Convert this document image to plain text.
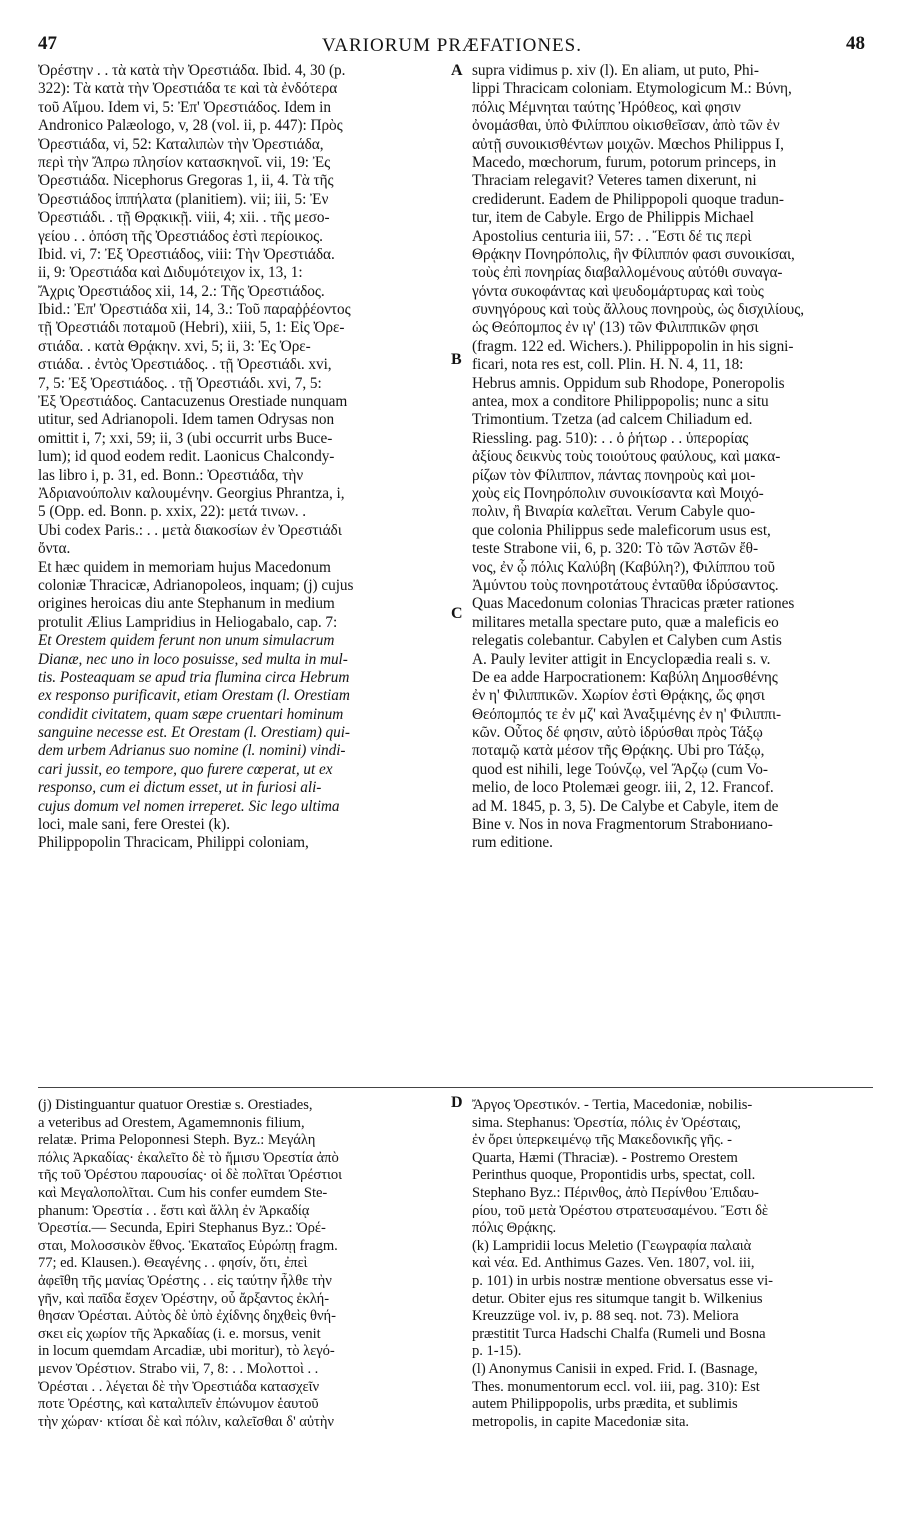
47	VARIORUM PRÆFATIONES.	48
A
B
C
D
Ὀρέστην . . τὰ κατὰ τὴν Ὀρεστιάδα. Ibid. 4, 30 (p.
322): Τὰ κατὰ τὴν Ὀρεστιάδα τε καὶ τὰ ἐνδότερα
τοῦ Αἵμου. Idem vi, 5: Ἐπ' Ὀρεστιάδος. Idem in
Andronico Palæologo, v, 28 (vol. ii, p. 447): Πρὸς
Ὀρεστιάδα, vi, 52: Καταλιπὼν τὴν Ὀρεστιάδα,
περὶ τὴν Ἄπρω πλησίον κατασκηνοῖ. vii, 19: Ἐς
Ὀρεστιάδα. Nicephorus Gregoras 1, ii, 4. Τὰ τῆς
Ὀρεστιάδος ἱππήλατα (planitiem). vii; iii, 5: Ἐν
Ὀρεστιάδι. . τῇ Θρᾳκικῇ. viii, 4; xii. . τῆς μεσο-
γείου . . ὁπόση τῆς Ὀρεστιάδος ἐστὶ περίοικος.
Ibid. vi, 7: Ἐξ Ὀρεστιάδος, viii: Τὴν Ὀρεστιάδα.
ii, 9: Ὀρεστιάδα καὶ Διδυμότειχον ix, 13, 1:
Ἄχρις Ὀρεστιάδος xii, 14, 2.: Τῆς Ὀρεστιάδος.
Ibid.: Ἐπ' Ὀρεστιάδα xii, 14, 3.: Τοῦ παραῤῥέοντος
τῇ Ὀρεστιάδι ποταμοῦ (Hebri), xiii, 5, 1: Εἰς Ὀρε-
στιάδα. . κατὰ Θρᾴκην. xvi, 5; ii, 3: Ἐς Ὀρε-
στιάδα. . ἐντὸς Ὀρεστιάδος. . τῇ Ὀρεστιάδι. xvi,
7, 5: Ἐξ Ὀρεστιάδος. . τῇ Ὀρεστιάδι. xvi, 7, 5:
Ἐξ Ὀρεστιάδος. Cantacuzenus Orestiade nunquam
utitur, sed Adrianopoli. Idem tamen Odrysas non
omittit i, 7; xxi, 59; ii, 3 (ubi occurrit urbs Buce-
lum); id quod eodem redit. Laonicus Chalcondy-
las libro i, p. 31, ed. Bonn.: Ὀρεστιάδα, τὴν
Ἀδριανούπολιν καλουμένην. Georgius Phrantza, i,
5 (Opp. ed. Bonn. p. xxix, 22): μετά τινων. .
Ubi codex Paris.: . . μετὰ διακοσίων ἐν Ὀρεστιάδι
ὄντα.
Et hæc quidem in memoriam hujus Macedonum
coloniæ Thracicæ, Adrianopoleos, inquam; (j) cujus
origines heroicas diu ante Stephanum in medium
protulit Ælius Lampridius in Heliogabalo, cap. 7:
Et Orestem quidem ferunt non unum simulacrum
Dianæ, nec uno in loco posuisse, sed multa in mul-
tis. Posteaquam se apud tria flumina circa Hebrum
ex responso purificavit, etiam Orestam (l. Orestiam
condidit civitatem, quam sæpe cruentari hominum
sanguine necesse est. Et Orestam (l. Orestiam) qui-
dem urbem Adrianus suo nomine (l. nomini) vindi-
cari jussit, eo tempore, quo furere cœperat, ut ex
responso, cum ei dictum esset, ut in furiosi ali-
cujus domum vel nomen irreperet. Sic lego ultima
loci, male sani, fere Orestei (k).
Philippopolin Thracicam, Philippi coloniam,
supra vidimus p. xiv (l). En aliam, ut puto, Phi-
lippi Thracicam coloniam. Etymologicum M.: Βύνη,
πόλις Μέμνηται ταύτης Ἠρόθεος, καὶ φησιν
ὀνομάσθαι, ὑπὸ Φιλίππου οἰκισθεῖσαν, ἀπὸ τῶν ἐν
αὐτῇ συνοικισθέντων μοιχῶν. Mœchos Philippus I,
Macedo, mœchorum, furum, potorum princeps, in
Thraciam relegavit? Veteres tamen dixerunt, ni
crediderunt. Eadem de Philippopoli quoque tradun-
tur, item de Cabyle. Ergo de Philippis Michael
Apostolius centuria iii, 57: . . Ἔστι δέ τις περὶ
Θρᾴκην Πονηρόπολις, ἣν Φίλιππόν φασι συνοικίσαι,
τοὺς ἐπὶ πονηρίας διαβαλλομένους αὐτόθι συναγα-
γόντα συκοφάντας καὶ ψευδομάρτυρας καὶ τοὺς
συνηγόρους καὶ τοὺς ἄλλους πονηροὺς, ὡς δισχιλίους,
ὡς Θεόπομπος ἐν ιγ' (13) τῶν Φιλιππικῶν φησι
(fragm. 122 ed. Wichers.). Philippopolin in his signi-
ficari, nota res est, coll. Plin. H. N. 4, 11, 18:
Hebrus amnis. Oppidum sub Rhodope, Poneropolis
antea, mox a conditore Philippopolis; nunc a situ
Trimontium. Tzetza (ad calcem Chiliadum ed.
Riessling. pag. 510): . . ὁ ῥήτωρ . . ὑπερορίας
ἀξίους δεικνὺς τοὺς τοιούτους φαύλους, καὶ μακα-
ρίζων τὸν Φίλιππον, πάντας πονηροὺς καὶ μοι-
χοὺς εἰς Πονηρόπολιν συνοικίσαντα καὶ Μοιχό-
πολιν, ἢ Βιναρία καλεῖται. Verum Cabyle quo-
que colonia Philippus sede maleficorum usus est,
teste Strabone vii, 6, p. 320: Τὸ τῶν Ἀστῶν ἔθ-
νος, ἐν ᾧ πόλις Καλύβη (Καβύλη?), Φιλίππου τοῦ
Ἀμύντου τοὺς πονηροτάτους ἐνταῦθα ἱδρύσαντος.
Quas Macedonum colonias Thracicas præter rationes
militares metalla spectare puto, quæ a maleficis eo
relegatis colebantur. Cabylen et Calyben cum Astis
A. Pauly leviter attigit in Encyclopædia reali s. v.
De ea adde Harpocrationem: Καβύλη Δημοσθένης
ἐν η' Φιλιππικῶν. Χωρίον ἐστὶ Θρᾴκης, ὥς φησι
Θεόπομπός τε ἐν μζ' καὶ Ἀναξιμένης ἐν η' Φιλιππι-
κῶν. Οὗτος δέ φησιν, αὐτὸ ἱδρύσθαι πρὸς Τάξῳ
ποταμῷ κατὰ μέσον τῆς Θρᾴκης. Ubi pro Τάξῳ,
quod est nihili, lege Τούνζῳ, vel Ἄρζῳ (cum Vo-
melio, de loco Ptolemæi geogr. iii, 2, 12. Francof.
ad M. 1845, p. 3, 5). De Calybe et Cabyle, item de
Bine v. Nos in nova Fragmentorum Strabониano-
rum editione.
(j) Distinguantur quatuor Orestiæ s. Orestiades,
a veteribus ad Orestem, Agamemnonis filium,
relatæ. Prima Peloponnesi Steph. Byz.: Μεγάλη
πόλις Ἀρκαδίας· ἐκαλεῖτο δὲ τὸ ἥμισυ Ὀρεστία ἀπὸ
τῆς τοῦ Ὀρέστου παρουσίας· οἱ δὲ πολῖται Ὀρέστιοι
καὶ Μεγαλοπολῖται. Cum his confer eumdem Ste-
phanum: Ὀρεστία . . ἔστι καὶ ἄλλη ἐν Ἀρκαδίᾳ
Ὀρεστία.— Secunda, Epiri Stephanus Byz.: Ὀρέ-
σται, Μολοσσικὸν ἔθνος. Ἑκαταῖος Εὐρώπῃ fragm.
77; ed. Klausen.). Θεαγένης . . φησίν, ὅτι, ἐπεὶ
ἀφεῖθη τῆς μανίας Ὀρέστης . . εἰς ταύτην ἦλθε τὴν
γῆν, καὶ παῖδα ἔσχεν Ὀρέστην, οὗ ἄρξαντος ἐκλή-
θησαν Ὀρέσται. Αὐτὸς δὲ ὑπὸ ἐχίδνης δηχθεὶς θνή-
σκει εἰς χωρίον τῆς Ἀρκαδίας (i. e. morsus, venit
in locum quemdam Arcadiæ, ubi moritur), τὸ λεγό-
μενον Ὀρέστιον. Strabo vii, 7, 8: . . Μολοττοὶ . .
Ὀρέσται . . λέγεται δὲ τὴν Ὀρεστιάδα κατασχεῖν
ποτε Ὀρέστης, καὶ καταλιπεῖν ἐπώνυμον ἑαυτοῦ
τὴν χώραν· κτίσαι δὲ καὶ πόλιν, καλεῖσθαι δ' αὐτὴν
Ἄργος Ὀρεστικόν. - Tertia, Macedoniæ, nobilis-
sima. Stephanus: Ὀρεστία, πόλις ἐν Ὀρέσταις,
ἐν ὄρει ὑπερκειμένῳ τῆς Μακεδονικῆς γῆς. -
Quarta, Hæmi (Thraciæ). - Postremo Orestem
Perinthus quoque, Propontidis urbs, spectat, coll.
Stephano Byz.: Πέρινθος, ἀπὸ Περίνθου Ἐπιδαυ-
ρίου, τοῦ μετὰ Ὀρέστου στρατευσαμένου. Ἔστι δὲ
πόλις Θρᾴκης.
(k) Lampridii locus Meletio (Γεωγραφία παλαιὰ
καὶ νέα. Ed. Anthimus Gazes. Ven. 1807, vol. iii,
p. 101) in urbis nostræ mentione obversatus esse vi-
detur. Obiter ejus res situmque tangit b. Wilkenius
Kreuzzüge vol. iv, p. 88 seq. not. 73). Meliora
præstitit Turca Hadschi Chalfa (Rumeli und Bosna
p. 1-15).
(l) Anonymus Canisii in exped. Frid. I. (Basnage,
Thes. monumentorum eccl. vol. iii, pag. 310): Est
autem Philippopolis, urbs prædita, et sublimis
metropolis, in capite Macedoniæ sita.
